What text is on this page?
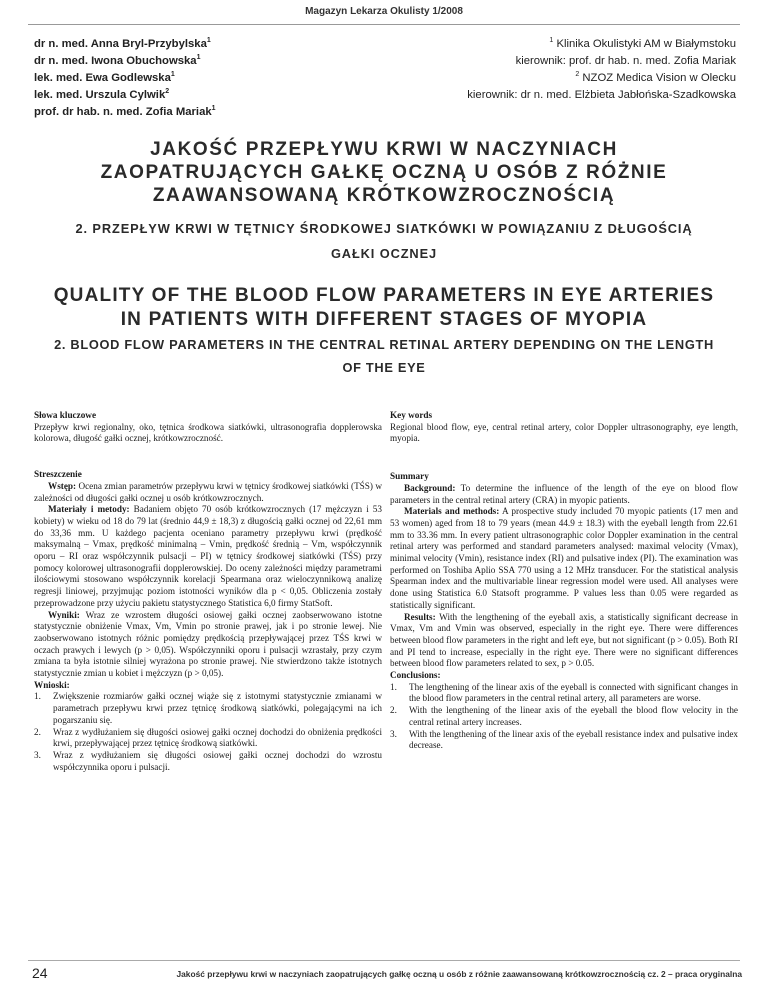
Magazyn Lekarza Okulisty 1/2008
dr n. med. Anna Bryl-Przybylska$^1$
dr n. med. Iwona Obuchowska$^1$
lek. med. Ewa Godlewska$^1$
lek. med. Urszula Cylwik$^2$
prof. dr hab. n. med. Zofia Mariak$^1$
$^1$ Klinika Okulistyki AM w Białymstoku
kierownik: prof. dr hab. n. med. Zofia Mariak
$^2$ NZOZ Medica Vision w Olecku
kierownik: dr n. med. Elżbieta Jabłońska-Szadkowska
JAKOŚĆ PRZEPŁYWU KRWI W NACZYNIACH ZAOPATRUJĄCYCH GAŁKĘ OCZNĄ U OSÓB Z RÓŻNIE ZAAWANSOWANĄ KRÓTKOWZROCZNOŚCIĄ
2. PRZEPŁYW KRWI W TĘTNICY ŚRODKOWEJ SIATKÓWKI W POWIĄZANIU Z DŁUGOŚCIĄ GAŁKI OCZNEJ
QUALITY OF THE BLOOD FLOW PARAMETERS IN EYE ARTERIES IN PATIENTS WITH DIFFERENT STAGES OF MYOPIA
2. BLOOD FLOW PARAMETERS IN THE CENTRAL RETINAL ARTERY DEPENDING ON THE LENGTH OF THE EYE
Słowa kluczowe

Przepływ krwi regionalny, oko, tętnica środkowa siatkówki, ultrasonografia dopplerowska kolorowa, długość gałki ocznej, krótkowzroczność.

Streszczenie

Wstęp: Ocena zmian parametrów przepływu krwi w tętnicy środkowej siatkówki (TŚS) w zależności od długości gałki ocznej u osób krótkowzrocznych.

Materiały i metody: Badaniem objęto 70 osób krótkowzrocznych (17 mężczyzn i 53 kobiety) w wieku od 18 do 79 lat (średnio 44,9 ± 18,3) z długością gałki ocznej od 22,61 mm do 33,36 mm. U każdego pacjenta oceniano parametry przepływu krwi (prędkość maksymalną – Vmax, prędkość minimalną – Vmin, prędkość średnią – Vm, współczynnik oporu – RI oraz współczynnik pulsacji – PI) w tętnicy środkowej siatkówki (TŚS) przy pomocy kolorowej ultrasonografii dopplerowskiej. Do oceny zależności między parametrami ilościowymi stosowano współczynnik korelacji Spearmana oraz wieloczynnikową analizę regresji liniowej, przyjmując poziom istotności wyników dla p < 0,05. Obliczenia zostały przeprowadzone przy użyciu pakietu statystycznego Statistica 6,0 firmy StatSoft.

Wyniki: Wraz ze wzrostem długości osiowej gałki ocznej zaobserwowano istotne statystycznie obniżenie Vmax, Vm, Vmin po stronie prawej, jak i po stronie lewej. Nie zaobserwowano istotnych różnic pomiędzy prędkością przepływającej przez TŚS krwi w oczach prawych i lewych (p > 0,05). Współczynniki oporu i pulsacji wzrastały, przy czym zmiana ta była istotnie silniej wyrażona po stronie prawej. Nie stwierdzono także istotnych statystycznie zmian u kobiet i mężczyzn (p > 0,05).

Wnioski:
1. Zwiększenie rozmiarów gałki ocznej wiąże się z istotnymi statystycznie zmianami w parametrach przepływu krwi przez tętnicę środkową siatkówki, polegającymi na ich pogarszaniu się.
2. Wraz z wydłużaniem się długości osiowej gałki ocznej dochodzi do obniżenia prędkości krwi, przepływającej przez tętnicę środkową siatkówki.
3. Wraz z wydłużaniem się długości osiowej gałki ocznej dochodzi do wzrostu współczynnika oporu i pulsacji.
Key words

Regional blood flow, eye, central retinal artery, color Doppler ultrasonography, eye length, myopia.

Summary

Background: To determine the influence of the length of the eye on blood flow parameters in the central retinal artery (CRA) in myopic patients.

Materials and methods: A prospective study included 70 myopic patients (17 men and 53 women) aged from 18 to 79 years (mean 44.9 ± 18.3) with the eyeball length from 22.61 mm to 33.36 mm. In every patient ultrasonographic color Doppler examination in the central retinal artery was performed and standard parameters analysed: maximal velocity (Vmax), minimal velocity (Vmin), resistance index (RI) and pulsative index (PI). The examination was performed on Toshiba Aplio SSA 770 using a 12 MHz transducer. For the statistical analysis Spearman index and the multivariable linear regression model were used. All analyses were done using Statistica 6.0 Statsoft programme. P values less than 0.05 were regarded as statistically significant.

Results: With the lengthening of the eyeball axis, a statistically significant decrease in Vmax, Vm and Vmin was observed, especially in the right eye. There were differences between blood flow parameters in the right and left eye, but not significant (p > 0.05). Both RI and PI tend to increase, especially in the right eye. There were no significant differences between blood flow parameters related to sex, p > 0.05.

Conclusions:
1. The lengthening of the linear axis of the eyeball is connected with significant changes in the blood flow parameters in the central retinal artery, all parameters are worse.
2. With the lengthening of the linear axis of the eyeball the blood flow velocity in the central retinal artery increases.
3. With the lengthening of the linear axis of the eyeball resistance index and pulsative index decrease.
24	Jakość przepływu krwi w naczyniach zaopatrujących gałkę oczną u osób z różnie zaawansowaną krótkowzrocznością cz. 2 – praca oryginalna
